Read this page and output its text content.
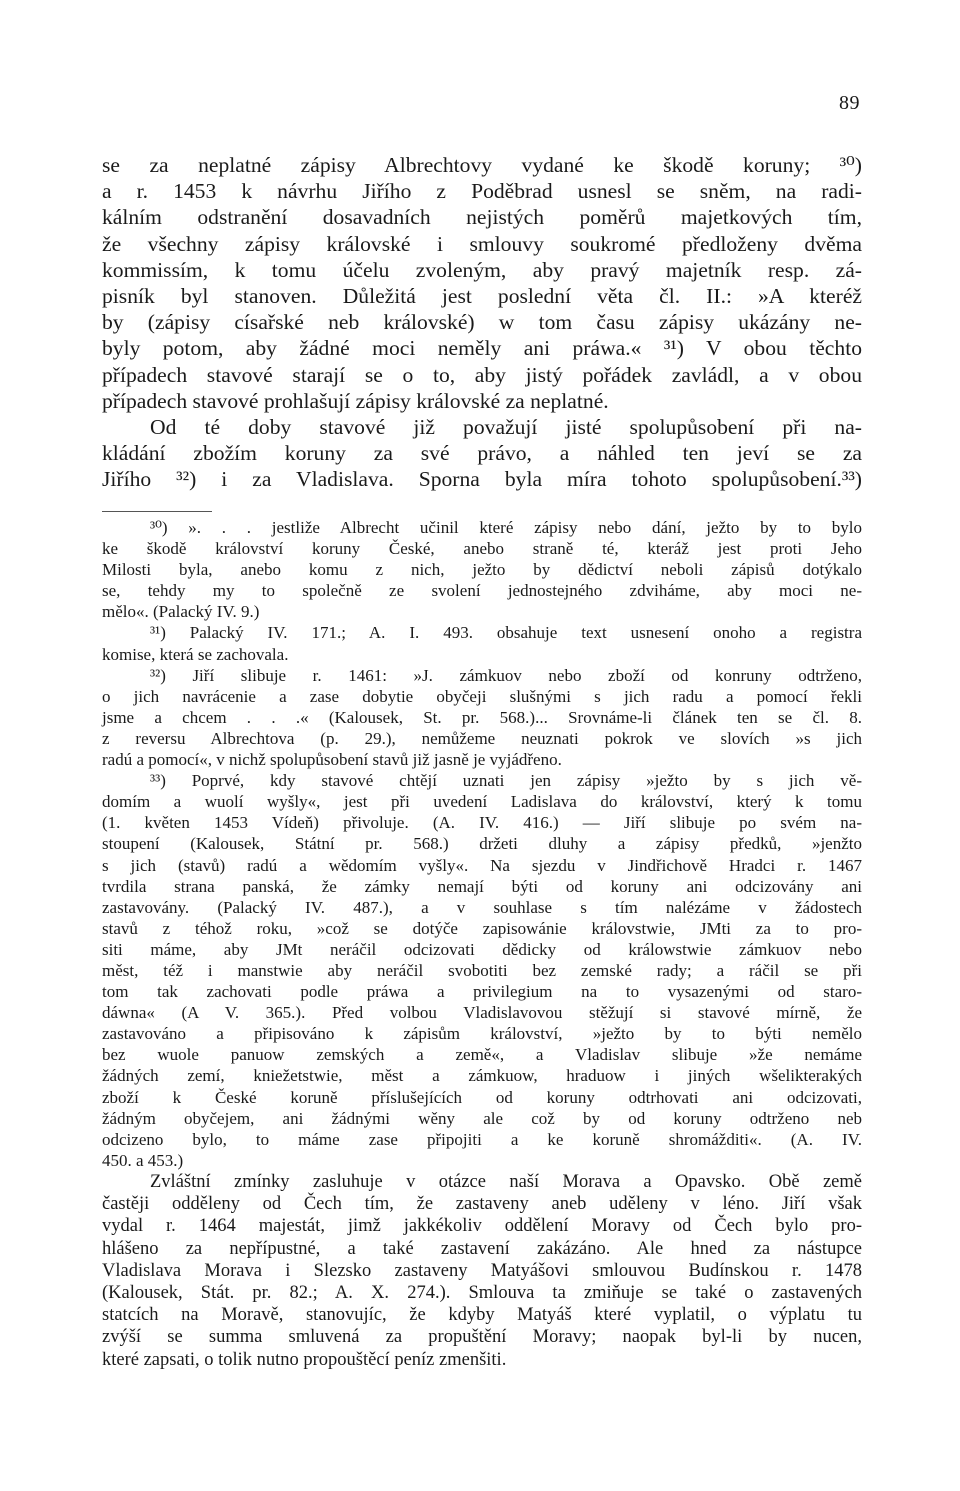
89
se za neplatné zápisy Albrechtovy vydané ke škodě koruny; ³⁰)
a r. 1453 k návrhu Jiřího z Poděbrad usnesl se sněm, na radi-
kálním odstranění dosavadních nejistých poměrů majetkových tím,
že všechny zápisy královské i smlouvy soukromé předloženy dvěma
kommissím, k tomu účelu zvoleným, aby pravý majetník resp. zá-
pisník byl stanoven. Důležitá jest poslední věta čl. II.: »A kteréž
by (zápisy císařské neb královské) w tom času zápisy ukázány ne-
byly potom, aby žádné moci neměly ani práwa.« ³¹) V obou těchto
případech stavové starají se o to, aby jistý pořádek zavládl, a v obou
případech stavové prohlašují zápisy královské za neplatné.
Od té doby stavové již považují jisté spolupůsobení při na-
kládání zbožím koruny za své právo, a náhled ten jeví se za
Jiřího ³²) i za Vladislava. Sporna byla míra tohoto spolupůsobení.³³)
³⁰) ». . . jestliže Albrecht učinil které zápisy nebo dání, ježto by to bylo
ke škodě království koruny České, anebo straně té, kteráž jest proti Jeho
Milosti byla, anebo komu z nich, ježto by dědictví neboli zápisů dotýkalo
se, tehdy my to společně ze svolení jednostejného zdviháme, aby moci ne-
mělo«. (Palacký IV. 9.)
³¹) Palacký IV. 171.; A. I. 493. obsahuje text usnesení onoho a registra
komise, která se zachovala.
³²) Jiří slibuje r. 1461: »J. zámkuov nebo zboží od konruny odtrženo,
o jich navrácenie a zase dobytie obyčeji slušnými s jich radu a pomocí řekli
jsme a chcem . . .« (Kalousek, St. pr. 568.)... Srovnáme-li článek ten se čl. 8.
z reversu Albrechtova (p. 29.), nemůžeme neuznati pokrok ve slovích »s jich
radú a pomocí«, v nichž spolupůsobení stavů již jasně je vyjádřeno.
³³) Poprvé, kdy stavové chtějí uznati jen zápisy »ježto by s jich vě-
domím a wuolí wyšly«, jest při uvedení Ladislava do království, který k tomu
(1. květen 1453 Vídeň) přivoluje. (A. IV. 416.) — Jiří slibuje po svém na-
stoupení (Kalousek, Státní pr. 568.) držeti dluhy a zápisy předků, »jenžto
s jich (stavů) radú a wědomím vyšly«. Na sjezdu v Jindřichově Hradci r. 1467
tvrdila strana panská, že zámky nemají býti od koruny ani odcizovány ani
zastavovány. (Palacký IV. 487.), a v souhlase s tím nalézáme v žádostech
stavů z téhož roku, »což se dotýče zapisowánie královstwie, JMti za to pro-
siti máme, aby JMt neráčil odcizovati dědicky od králowstwie zámkuov nebo
měst, též i manstwie aby neráčil svobotiti bez zemské rady; a ráčil se při
tom tak zachovati podle práwa a privilegium na to vysazenými od staro-
dáwna« (A V. 365.). Před volbou Vladislavovou stěžují si stavové mírně, že
zastavováno a připisováno k zápisům království, »ježto by to býti nemělo
bez wuole panuow zemských a země«, a Vladislav slibuje »že nemáme
žádných zemí, kniežetstwie, měst a zámkuow, hraduow i jiných wšelikterakých
zboží k České koruně příslušejících od koruny odtrhovati ani odcizovati,
žádným obyčejem, ani žádnými wěny ale což by od koruny odtrženo neb
odcizeno bylo, to máme zase připojiti a ke koruně shromážditi«. (A. IV.
450. a 453.)
Zvláštní zmínky zasluhuje v otázce naší Morava a Opavsko. Obě země
častěji odděleny od Čech tím, že zastaveny aneb uděleny v léno. Jiří však
vydal r. 1464 majestát, jimž jakkékoliv oddělení Moravy od Čech bylo pro-
hlášeno za nepřípustné, a také zastavení zakázáno. Ale hned za nástupce
Vladislava Morava i Slezsko zastaveny Matyášovi smlouvou Budínskou r. 1478
(Kalousek, Stát. pr. 82.; A. X. 274.). Smlouva ta zmiňuje se také o zastavených
statcích na Moravě, stanovujíc, že kdyby Matyáš které vyplatil, o výplatu tu
zvýší se summa smluvená za propuštění Moravy; naopak byl-li by nucen,
které zapsati, o tolik nutno propouštěcí peníz zmenšiti.
